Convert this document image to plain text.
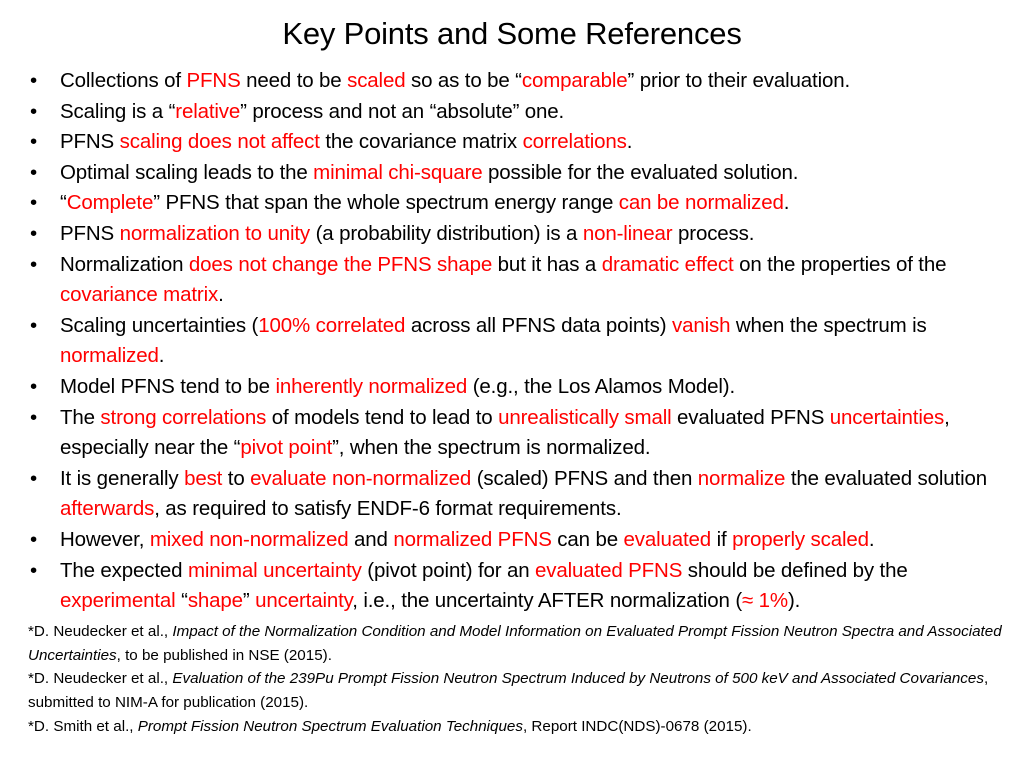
Key Points and Some References
• Collections of PFNS need to be scaled so as to be “comparable” prior to their evaluation.
• Scaling is a “relative” process and not an “absolute” one.
• PFNS scaling does not affect the covariance matrix correlations.
• Optimal scaling leads to the minimal chi-square possible for the evaluated solution.
• “Complete” PFNS that span the whole spectrum energy range can be normalized.
• PFNS normalization to unity (a probability distribution) is a non-linear process.
• Normalization does not change the PFNS shape but it has a dramatic effect on the properties of the covariance matrix.
• Scaling uncertainties (100% correlated across all PFNS data points) vanish when the spectrum is normalized.
• Model PFNS tend to be inherently normalized (e.g., the Los Alamos Model).
• The strong correlations of models tend to lead to unrealistically small evaluated PFNS uncertainties, especially near the “pivot point”, when the spectrum is normalized.
• It is generally best to evaluate non-normalized (scaled) PFNS and then normalize the evaluated solution afterwards, as required to satisfy ENDF-6 format requirements.
• However, mixed non-normalized and normalized PFNS can be evaluated if properly scaled.
• The expected minimal uncertainty (pivot point) for an evaluated PFNS should be defined by the experimental “shape” uncertainty, i.e., the uncertainty AFTER normalization (≈ 1%).

*D. Neudecker et al., Impact of the Normalization Condition and Model Information on Evaluated Prompt Fission Neutron Spectra and Associated Uncertainties, to be published in NSE (2015).

*D. Neudecker et al., Evaluation of the 239Pu Prompt Fission Neutron Spectrum Induced by Neutrons of 500 keV and Associated Covariances, submitted to NIM-A for publication (2015).

*D. Smith et al., Prompt Fission Neutron Spectrum Evaluation Techniques, Report INDC(NDS)-0678 (2015).
